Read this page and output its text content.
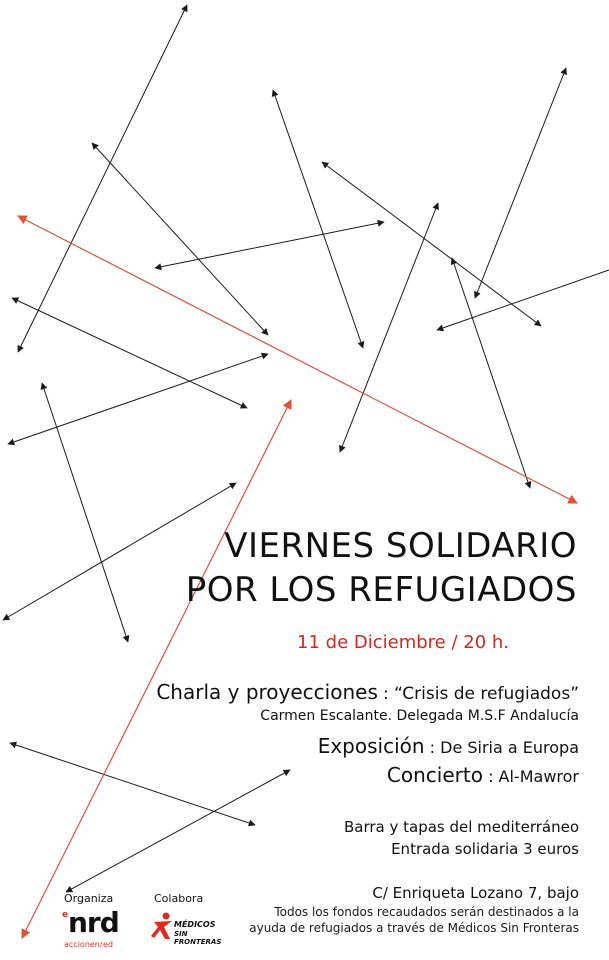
VIERNES SOLIDARIO
POR LOS REFUGIADOS
11 de Diciembre / 20 h.
Charla y proyecciones : “Crisis de refugiados”
Carmen Escalante. Delegada M.S.F Andalucía
Exposición : De Siria a Europa
Concierto : Al-Mawror
Barra y tapas del mediterráneo
Entrada solidaria 3 euros
C/ Enriqueta Lozano 7, bajo
Todos los fondos recaudados serán destinados a la
ayuda de refugiados a través de Médicos Sin Fronteras
Organiza	Colabora
e nrd
accionenred
MÉDICOS
SIN FRONTERAS
